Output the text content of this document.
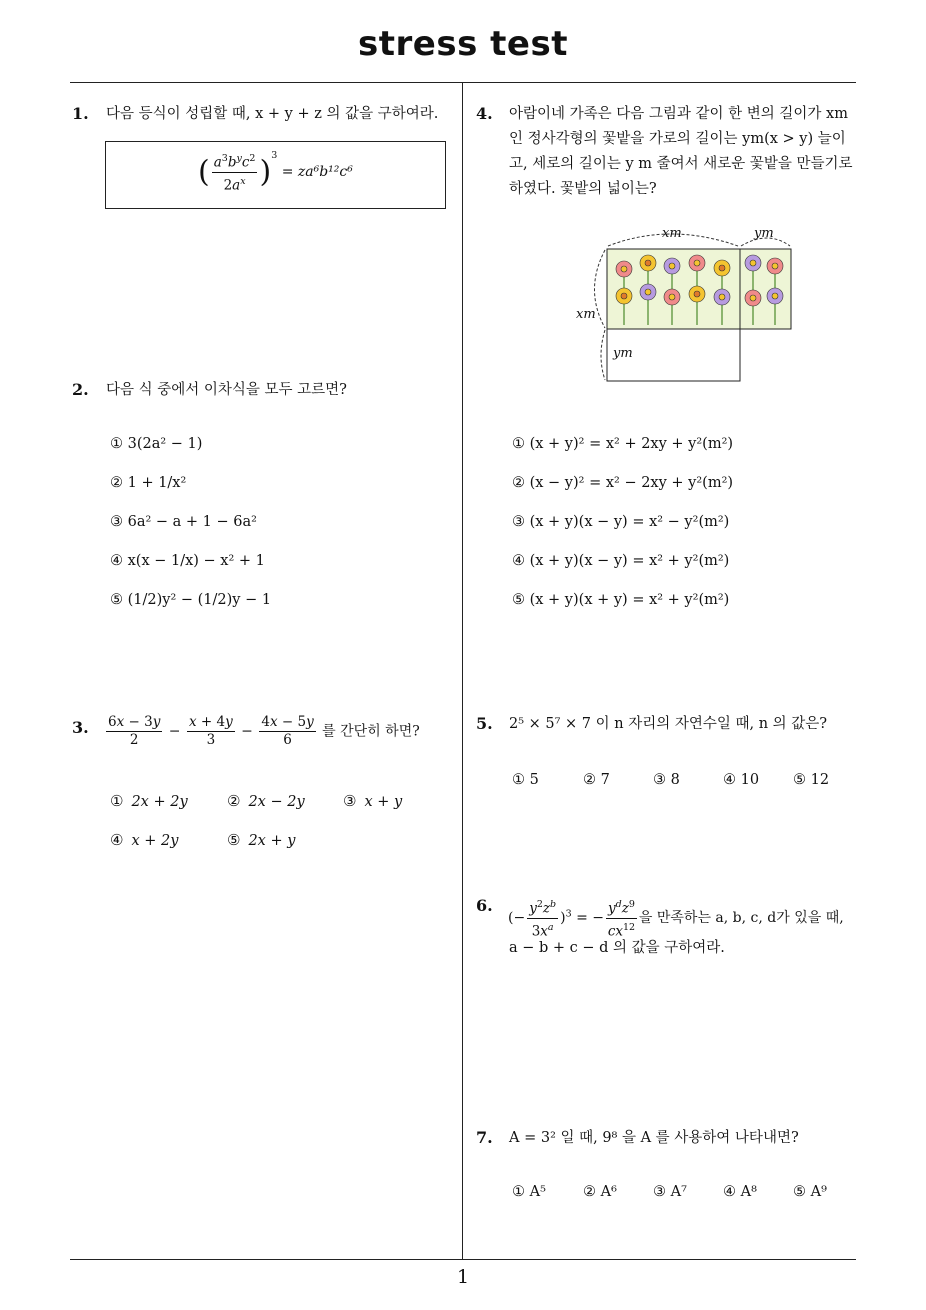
stress test
1
1. 다음 등식이 성립할 때, x + y + z 의 값을 구하여라.
( $\frac{a^3b^yc^2}{2a^x} )^3 = za^6b^{12}c^6$
2. 다음 식 중에서 이차식을 모두 고르면?
① 3(2a² − 1)
② 1 + 1/x²
③ 6a² − a + 1 − 6a²
④ x(x − 1/x) − x² + 1
⑤ (1/2)y² − (1/2)y − 1
3. $\frac{6x - 3y}{2} - \frac{x + 4y}{3} - \frac{4x - 5y}{6}$ 를 간단히 하면?
① 2x + 2y	② 2x − 2y	③ x + y
④ x + 2y	⑤ 2x + y
4. 아람이네 가족은 다음 그림과 같이 한 변의 길이가 xm
인 정사각형의 꽃밭을 가로의 길이는 ym(x > y) 늘이
고, 세로의 길이는 y m 줄여서 새로운 꽃밭을 만들기로
하였다. 꽃밭의 넓이는?
xm	ym
xm
ym
① (x + y)² = x² + 2xy + y²(m²)
② (x − y)² = x² − 2xy + y²(m²)
③ (x + y)(x − y) = x² − y²(m²)
④ (x + y)(x − y) = x² + y²(m²)
⑤ (x + y)(x + y) = x² + y²(m²)
5. 2⁵ × 5⁷ × 7 이 n 자리의 자연수일 때, n 의 값은?
① 5	② 7	③ 8	④ 10 ⑤ 12
6.
(− $\frac{y^2z^b}{3x^a} )^3$ = − $\frac{y^dz^9}{cx^{12}}$ 을 만족하는 a, b, c, d가 있을 때,
a − b + c − d 의 값을 구하여라.
7. A = 3² 일 때, 9⁸ 을 A 를 사용하여 나타내면?
① A⁵	② A⁶ ③ A⁷ ④ A⁸ ⑤ A⁹
